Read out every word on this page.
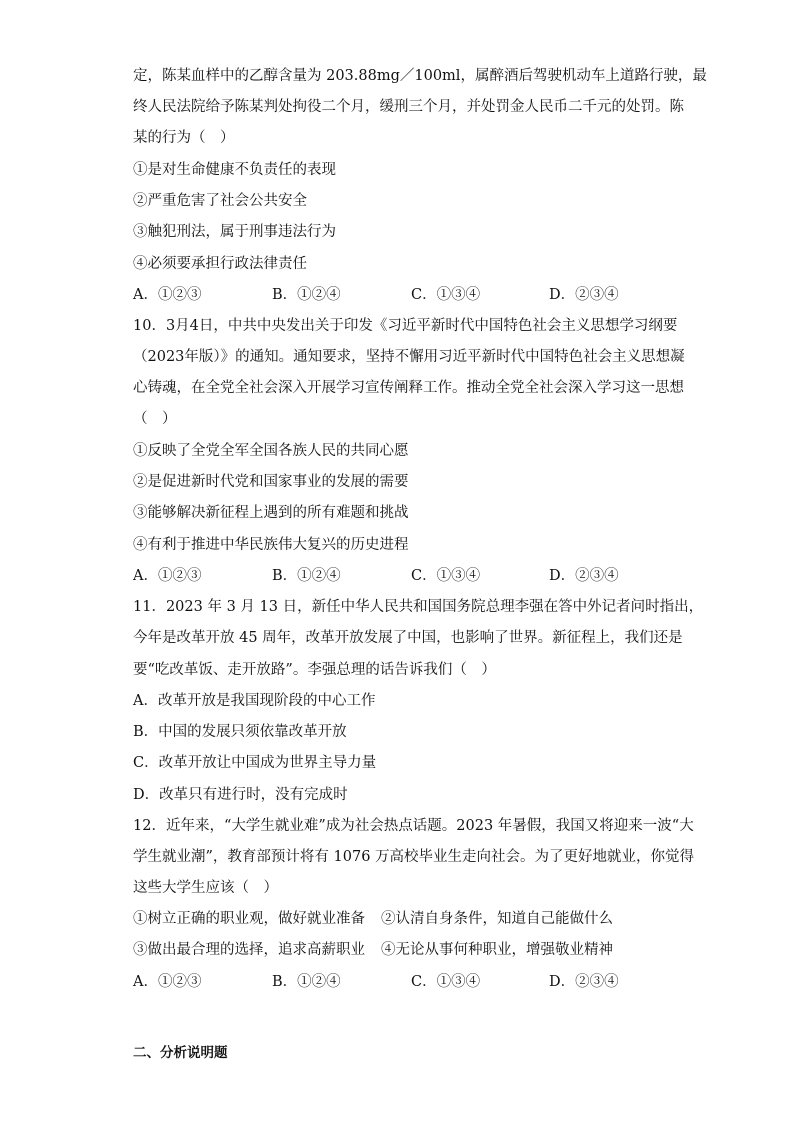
定，陈某血样中的乙醇含量为 203.88mg／100ml，属醉酒后驾驶机动车上道路行驶，最
终人民法院给予陈某判处拘役二个月，缓刑三个月，并处罚金人民币二千元的处罚。陈
某的行为（　）
①是对生命健康不负责任的表现
②严重危害了社会公共安全
③触犯刑法，属于刑事违法行为
④必须要承担行政法律责任
A．①②③	B．①②④	C．①③④	D．②③④
10．3月4日，中共中央发出关于印发《习近平新时代中国特色社会主义思想学习纲要
（2023年版）》的通知。通知要求，坚持不懈用习近平新时代中国特色社会主义思想凝
心铸魂，在全党全社会深入开展学习宣传阐释工作。推动全党全社会深入学习这一思想
（　）
①反映了全党全军全国各族人民的共同心愿
②是促进新时代党和国家事业的发展的需要
③能够解决新征程上遇到的所有难题和挑战
④有利于推进中华民族伟大复兴的历史进程
A．①②③	B．①②④	C．①③④	D．②③④
11．2023 年 3 月 13 日，新任中华人民共和国国务院总理李强在答中外记者问时指出，
今年是改革开放 45 周年，改革开放发展了中国，也影响了世界。新征程上，我们还是
要“吃改革饭、走开放路”。李强总理的话告诉我们（　）
A．改革开放是我国现阶段的中心工作
B．中国的发展只须依靠改革开放
C．改革开放让中国成为世界主导力量
D．改革只有进行时，没有完成时
12．近年来，“大学生就业难”成为社会热点话题。2023 年暑假，我国又将迎来一波“大
学生就业潮”，教育部预计将有 1076 万高校毕业生走向社会。为了更好地就业，你觉得
这些大学生应该（　）
①树立正确的职业观，做好就业准备 ②认清自身条件，知道自己能做什么
③做出最合理的选择，追求高薪职业 ④无论从事何种职业，增强敬业精神
A．①②③	B．①②④	C．①③④	D．②③④
二、分析说明题
